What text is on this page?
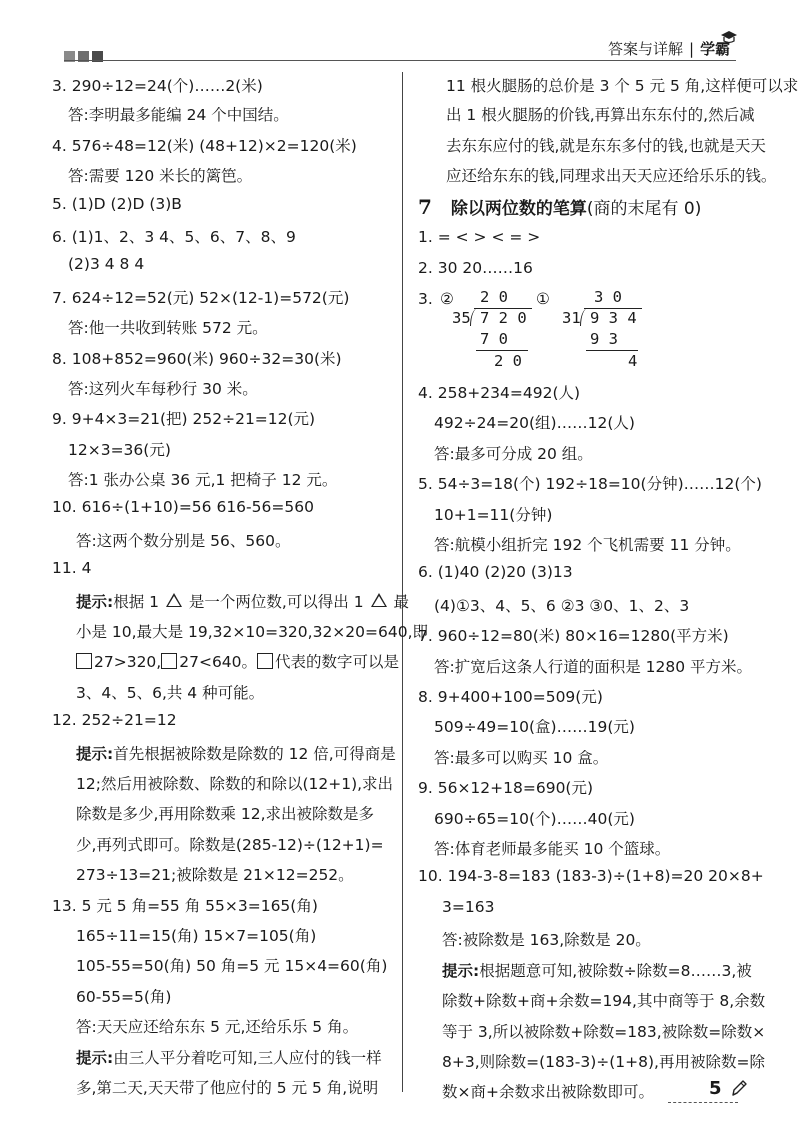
答案与详解 | 学霸
3. 290÷12=24(个)……2(米)
答:李明最多能编 24 个中国结。
4. 576÷48=12(米) (48+12)×2=120(米)
答:需要 120 米长的篱笆。
5. (1)D (2)D (3)B
6. (1)1、2、3 4、5、6、7、8、9
(2)3 4 8 4
7. 624÷12=52(元) 52×(12-1)=572(元)
答:他一共收到转账 572 元。
8. 108+852=960(米) 960÷32=30(米)
答:这列火车每秒行 30 米。
9. 9+4×3=21(把) 252÷21=12(元)
12×3=36(元)
答:1 张办公桌 36 元,1 把椅子 12 元。
10. 616÷(1+10)=56 616-56=560
答:这两个数分别是 56、560。
11. 4
提示:根据 1 是一个两位数,可以得出 1 最
小是 10,最大是 19,32×10=320,32×20=640,即
27>320, 27<640。 代表的数字可以是
3、4、5、6,共 4 种可能。
12. 252÷21=12
提示:首先根据被除数是除数的 12 倍,可得商是
12;然后用被除数、除数的和除以(12+1),求出
除数是多少,再用除数乘 12,求出被除数是多
少,再列式即可。除数是(285-12)÷(12+1)=
273÷13=21;被除数是 21×12=252。
13. 5 元 5 角=55 角 55×3=165(角)
165÷11=15(角) 15×7=105(角)
105-55=50(角) 50 角=5 元 15×4=60(角)
60-55=5(角)
答:天天应还给东东 5 元,还给乐乐 5 角。
提示:由三人平分着吃可知,三人应付的钱一样
多,第二天,天天带了他应付的 5 元 5 角,说明
11 根火腿肠的总价是 3 个 5 元 5 角,这样便可以求
出 1 根火腿肠的价钱,再算出东东付的,然后减
去东东应付的钱,就是东东多付的钱,也就是天天
应还给东东的钱,同理求出天天应还给乐乐的钱。
7 除以两位数的笔算(商的末尾有 0)
1. = < > < = >
2. 30 20……16
3. ②	①
2 0
35 7 2 0
7 0
2 0
3 0
31 9 3 4
9 3
4
4. 258+234=492(人)
492÷24=20(组)……12(人)
答:最多可分成 20 组。
5. 54÷3=18(个) 192÷18=10(分钟)……12(个)
10+1=11(分钟)
答:航模小组折完 192 个飞机需要 11 分钟。
6. (1)40 (2)20 (3)13
(4)①3、4、5、6 ②3 ③0、1、2、3
7. 960÷12=80(米) 80×16=1280(平方米)
答:扩宽后这条人行道的面积是 1280 平方米。
8. 9+400+100=509(元)
509÷49=10(盒)……19(元)
答:最多可以购买 10 盒。
9. 56×12+18=690(元)
690÷65=10(个)……40(元)
答:体育老师最多能买 10 个篮球。
10. 194-3-8=183 (183-3)÷(1+8)=20 20×8+
3=163
答:被除数是 163,除数是 20。
提示:根据题意可知,被除数÷除数=8……3,被
除数+除数+商+余数=194,其中商等于 8,余数
等于 3,所以被除数+除数=183,被除数=除数×
8+3,则除数=(183-3)÷(1+8),再用被除数=除
数×商+余数求出被除数即可。	5
